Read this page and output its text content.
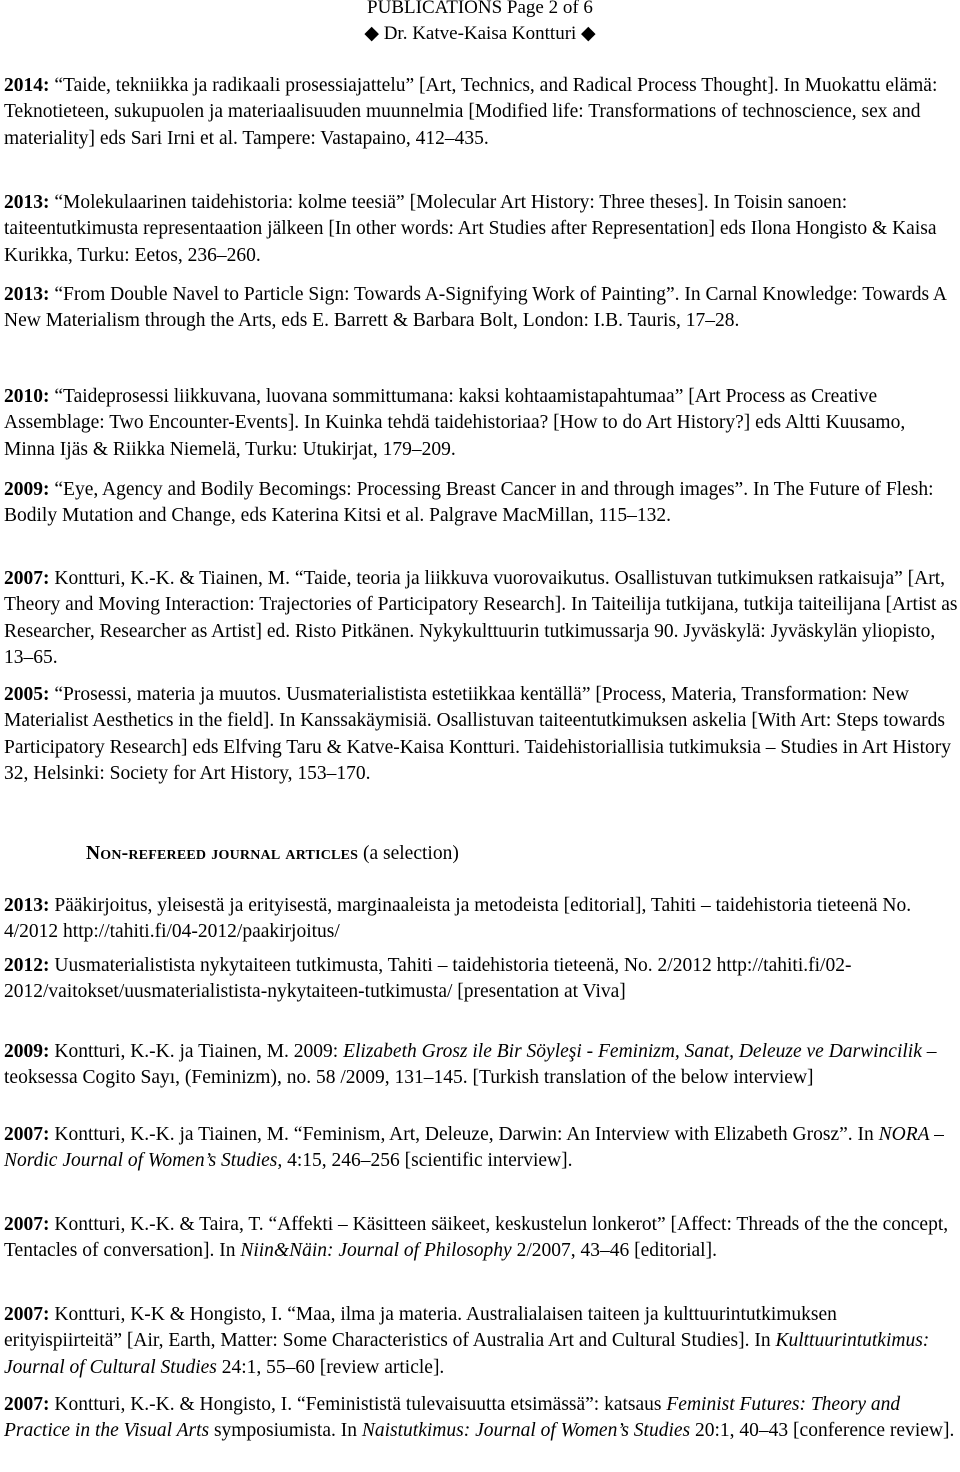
PUBLICATIONS Page 2 of 6
◆ Dr. Katve-Kaisa Kontturi ◆
2014: “Taide, tekniikka ja radikaali prosessiajattelu” [Art, Technics, and Radical Process Thought]. In Muokattu elämä: Teknotieteen, sukupuolen ja materiaalisuuden muunnelmia [Modified life: Transformations of technoscience, sex and materiality] eds Sari Irni et al. Tampere: Vastapaino, 412–435.
2013: “Molekulaarinen taidehistoria: kolme teesiä” [Molecular Art History: Three theses]. In Toisin sanoen: taiteentutkimusta representaation jälkeen [In other words: Art Studies after Representation] eds Ilona Hongisto & Kaisa Kurikka, Turku: Eetos, 236–260.
2013: “From Double Navel to Particle Sign: Towards A-Signifying Work of Painting”. In Carnal Knowledge: Towards A New Materialism through the Arts, eds E. Barrett & Barbara Bolt, London: I.B. Tauris, 17–28.
2010: “Taideprosessi liikkuvana, luovana sommittumana: kaksi kohtaamistapahtumaa” [Art Process as Creative Assemblage: Two Encounter-Events]. In Kuinka tehdä taidehistoriaa? [How to do Art History?] eds Altti Kuusamo, Minna Ijäs & Riikka Niemelä, Turku: Utukirjat, 179–209.
2009: “Eye, Agency and Bodily Becomings: Processing Breast Cancer in and through images”. In The Future of Flesh: Bodily Mutation and Change, eds Katerina Kitsi et al. Palgrave MacMillan, 115–132.
2007: Kontturi, K.-K. & Tiainen, M. “Taide, teoria ja liikkuva vuorovaikutus. Osallistuvan tutkimuksen ratkaisuja” [Art, Theory and Moving Interaction: Trajectories of Participatory Research]. In Taiteilija tutkijana, tutkija taiteilijana [Artist as Researcher, Researcher as Artist] ed. Risto Pitkänen. Nykykulttuurin tutkimussarja 90. Jyväskylä: Jyväskylän yliopisto, 13–65.
2005: “Prosessi, materia ja muutos. Uusmaterialistista estetiikkaa kentällä” [Process, Materia, Transformation: New Materialist Aesthetics in the field]. In Kanssakäymisiä. Osallistuvan taiteentutkimuksen askelia [With Art: Steps towards Participatory Research] eds Elfving Taru & Katve-Kaisa Kontturi. Taidehistoriallisia tutkimuksia – Studies in Art History 32, Helsinki: Society for Art History, 153–170.
Non-refereed journal articles (a selection)
2013: Pääkirjoitus, yleisestä ja erityisestä, marginaaleista ja metodeista [editorial], Tahiti – taidehistoria tieteenä No. 4/2012 http://tahiti.fi/04-2012/paakirjoitus/
2012: Uusmaterialistista nykytaiteen tutkimusta, Tahiti – taidehistoria tieteenä, No. 2/2012 http://tahiti.fi/02-2012/vaitokset/uusmaterialistista-nykytaiteen-tutkimusta/ [presentation at Viva]
2009: Kontturi, K.-K. ja Tiainen, M. 2009: Elizabeth Grosz ile Bir Söyleşi - Feminizm, Sanat, Deleuze ve Darwincilik – teoksessa Cogito Sayı, (Feminizm), no. 58 /2009, 131–145. [Turkish translation of the below interview]
2007: Kontturi, K.-K. ja Tiainen, M. “Feminism, Art, Deleuze, Darwin: An Interview with Elizabeth Grosz”. In NORA – Nordic Journal of Women’s Studies, 4:15, 246–256 [scientific interview].
2007: Kontturi, K.-K. & Taira, T. “Affekti – Käsitteen säikeet, keskustelun lonkerot” [Affect: Threads of the the concept, Tentacles of conversation]. In Niin&Näin: Journal of Philosophy 2/2007, 43–46 [editorial].
2007: Kontturi, K-K & Hongisto, I. “Maa, ilma ja materia. Australialaisen taiteen ja kulttuurintutkimuksen erityispiirteitä” [Air, Earth, Matter: Some Characteristics of Australia Art and Cultural Studies]. In Kulttuurintutkimus: Journal of Cultural Studies 24:1, 55–60 [review article].
2007: Kontturi, K.-K. & Hongisto, I. “Feminististä tulevaisuutta etsimässä”: katsaus Feminist Futures: Theory and Practice in the Visual Arts symposiumista. In Naistutkimus: Journal of Women’s Studies 20:1, 40–43 [conference review].
